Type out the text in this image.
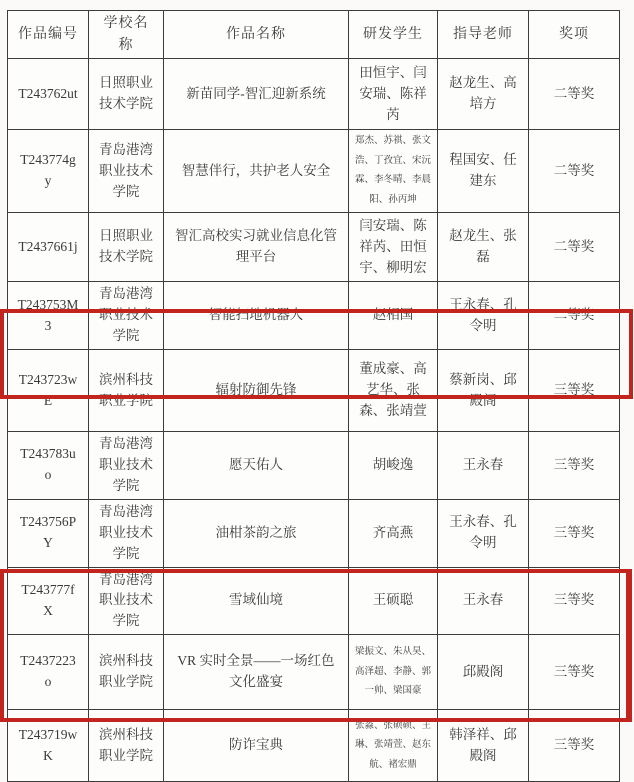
作品编号	学校名称	作品名称	研发学生	指导老师	奖项
T243762ut	日照职业技术学院	新苗同学-智汇迎新系统	田恒宇、闫安瑞、陈祥芮	赵龙生、高培方	二等奖
T243774gy	青岛港湾职业技术学院	智慧伴行，共护老人安全	郑杰、苏祺、张文浩、丁孜宜、宋沅霖、李冬晴、李晨阳、孙丙坤	程国安、任建东	二等奖
T2437661j	日照职业技术学院	智汇高校实习就业信息化管理平台	闫安瑞、陈祥芮、田恒宇、柳明宏	赵龙生、张磊	二等奖
T243753M3	青岛港湾职业技术学院	智能扫地机器人	赵相国	王永春、孔令明	二等奖
T243723wE	滨州科技职业学院	辐射防御先锋	董成豪、高艺华、张森、张靖萱	蔡新岗、邱殿阁	三等奖
T243783uo	青岛港湾职业技术学院	愿天佑人	胡峻逸	王永春	三等奖
T243756PY	青岛港湾职业技术学院	油柑茶韵之旅	齐高燕	王永春、孔令明	三等奖
T243777fX	青岛港湾职业技术学院	雪域仙境	王硕聪	王永春	三等奖
T2437223o	滨州科技职业学院	VR 实时全景——一场红色文化盛宴	梁振文、朱从昊、高泽超、李静、郭一帅、梁国豪	邱殿阁	三等奖
T243719wK	滨州科技职业学院	防诈宝典	张淼、张硕硕、王琳、张靖萱、赵东航、褚宏鼎	韩泽祥、邱殿阁	三等奖
